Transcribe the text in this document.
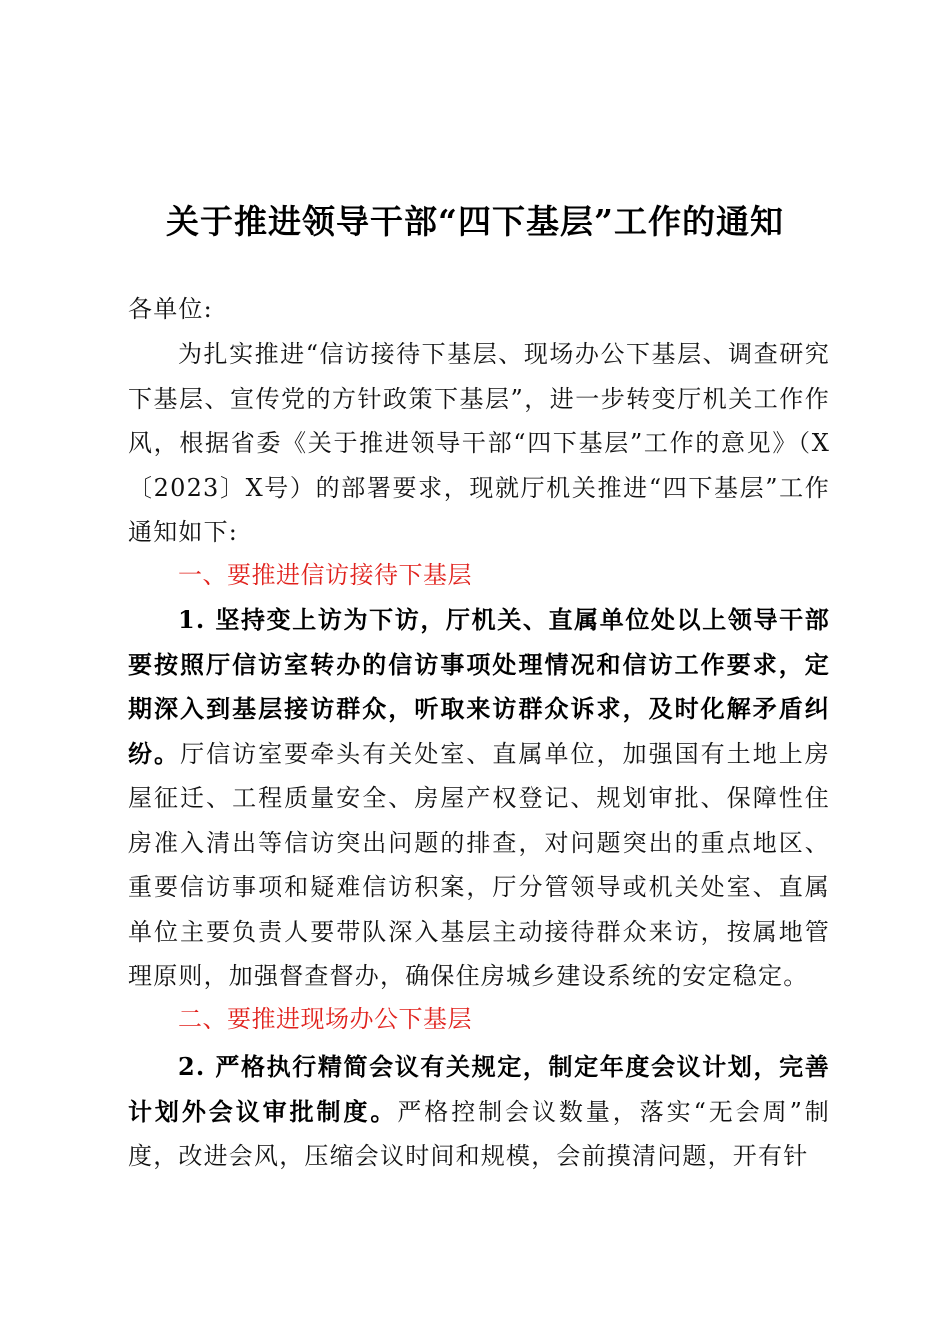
关于推进领导干部“四下基层”工作的通知
各单位:
为扎实推进“信访接待下基层、现场办公下基层、调查研究下基层、宣传党的方针政策下基层”，进一步转变厅机关工作作风，根据省委《关于推进领导干部“四下基层”工作的意见》（X〔2023〕X号）的部署要求，现就厅机关推进“四下基层”工作通知如下:
一、要推进信访接待下基层
1. 坚持变上访为下访，厅机关、直属单位处以上领导干部要按照厅信访室转办的信访事项处理情况和信访工作要求，定期深入到基层接访群众，听取来访群众诉求，及时化解矛盾纠纷。厅信访室要牵头有关处室、直属单位，加强国有土地上房屋征迁、工程质量安全、房屋产权登记、规划审批、保障性住房准入清出等信访突出问题的排查，对问题突出的重点地区、重要信访事项和疑难信访积案，厅分管领导或机关处室、直属单位主要负责人要带队深入基层主动接待群众来访，按属地管理原则，加强督查督办，确保住房城乡建设系统的安定稳定。
二、要推进现场办公下基层
2. 严格执行精简会议有关规定，制定年度会议计划，完善计划外会议审批制度。严格控制会议数量，落实“无会周”制度，改进会风，压缩会议时间和规模，会前摸清问题，开有针
